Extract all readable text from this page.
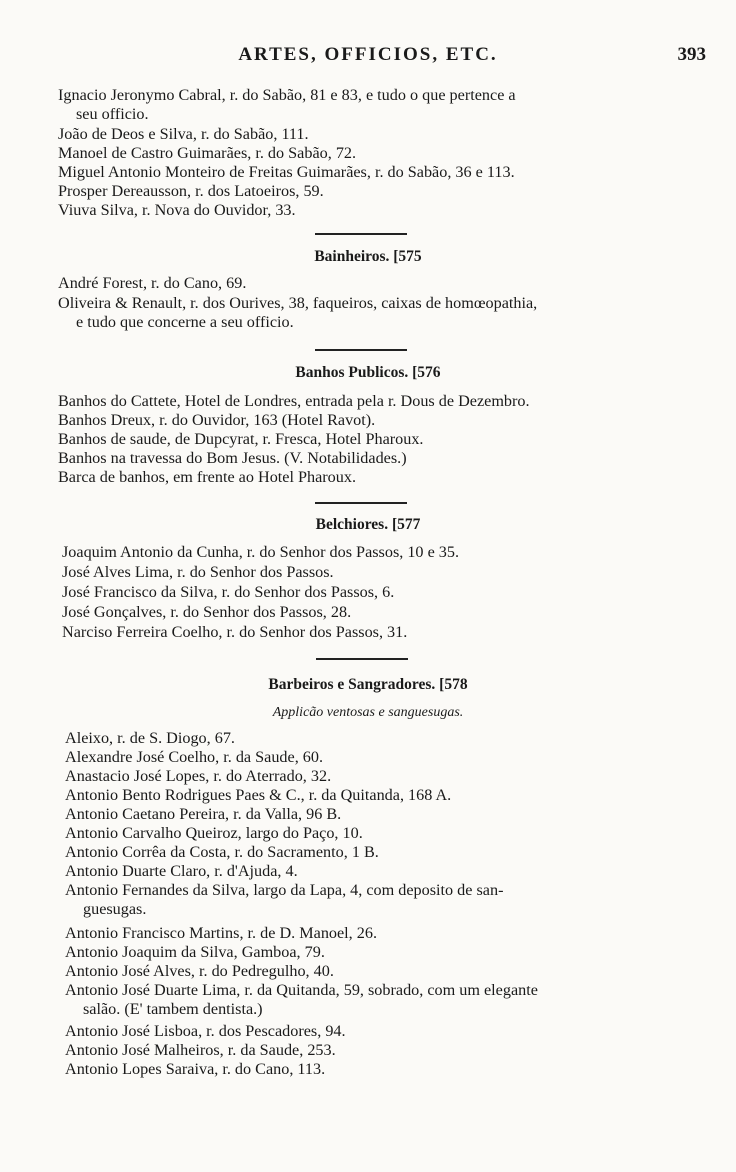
ARTES, OFFICIOS, ETC.	393
Ignacio Jeronymo Cabral, r. do Sabão, 81 e 83, e tudo o que pertence a
seu officio.
João de Deos e Silva, r. do Sabão, 111.
Manoel de Castro Guimarães, r. do Sabão, 72.
Miguel Antonio Monteiro de Freitas Guimarães, r. do Sabão, 36 e 113.
Prosper Dereausson, r. dos Latoeiros, 59.
Viuva Silva, r. Nova do Ouvidor, 33.
Bainheiros. [575
André Forest, r. do Cano, 69.
Oliveira & Renault, r. dos Ourives, 38, faqueiros, caixas de homœopathia,
e tudo que concerne a seu officio.
Banhos Publicos. [576
Banhos do Cattete, Hotel de Londres, entrada pela r. Dous de Dezembro.
Banhos Dreux, r. do Ouvidor, 163 (Hotel Ravot).
Banhos de saude, de Dupcyrat, r. Fresca, Hotel Pharoux.
Banhos na travessa do Bom Jesus. (V. Notabilidades.)
Barca de banhos, em frente ao Hotel Pharoux.
Belchiores. [577
Joaquim Antonio da Cunha, r. do Senhor dos Passos, 10 e 35.
José Alves Lima, r. do Senhor dos Passos.
José Francisco da Silva, r. do Senhor dos Passos, 6.
José Gonçalves, r. do Senhor dos Passos, 28.
Narciso Ferreira Coelho, r. do Senhor dos Passos, 31.
Barbeiros e Sangradores. [578
Applicão ventosas e sanguesugas.
Aleixo, r. de S. Diogo, 67.
Alexandre José Coelho, r. da Saude, 60.
Anastacio José Lopes, r. do Aterrado, 32.
Antonio Bento Rodrigues Paes & C., r. da Quitanda, 168 A.
Antonio Caetano Pereira, r. da Valla, 96 B.
Antonio Carvalho Queiroz, largo do Paço, 10.
Antonio Corrêa da Costa, r. do Sacramento, 1 B.
Antonio Duarte Claro, r. d'Ajuda, 4.
Antonio Fernandes da Silva, largo da Lapa, 4, com deposito de san-
guesugas.
Antonio Francisco Martins, r. de D. Manoel, 26.
Antonio Joaquim da Silva, Gamboa, 79.
Antonio José Alves, r. do Pedregulho, 40.
Antonio José Duarte Lima, r. da Quitanda, 59, sobrado, com um elegante
salão. (E' tambem dentista.)
Antonio José Lisboa, r. dos Pescadores, 94.
Antonio José Malheiros, r. da Saude, 253.
Antonio Lopes Saraiva, r. do Cano, 113.
